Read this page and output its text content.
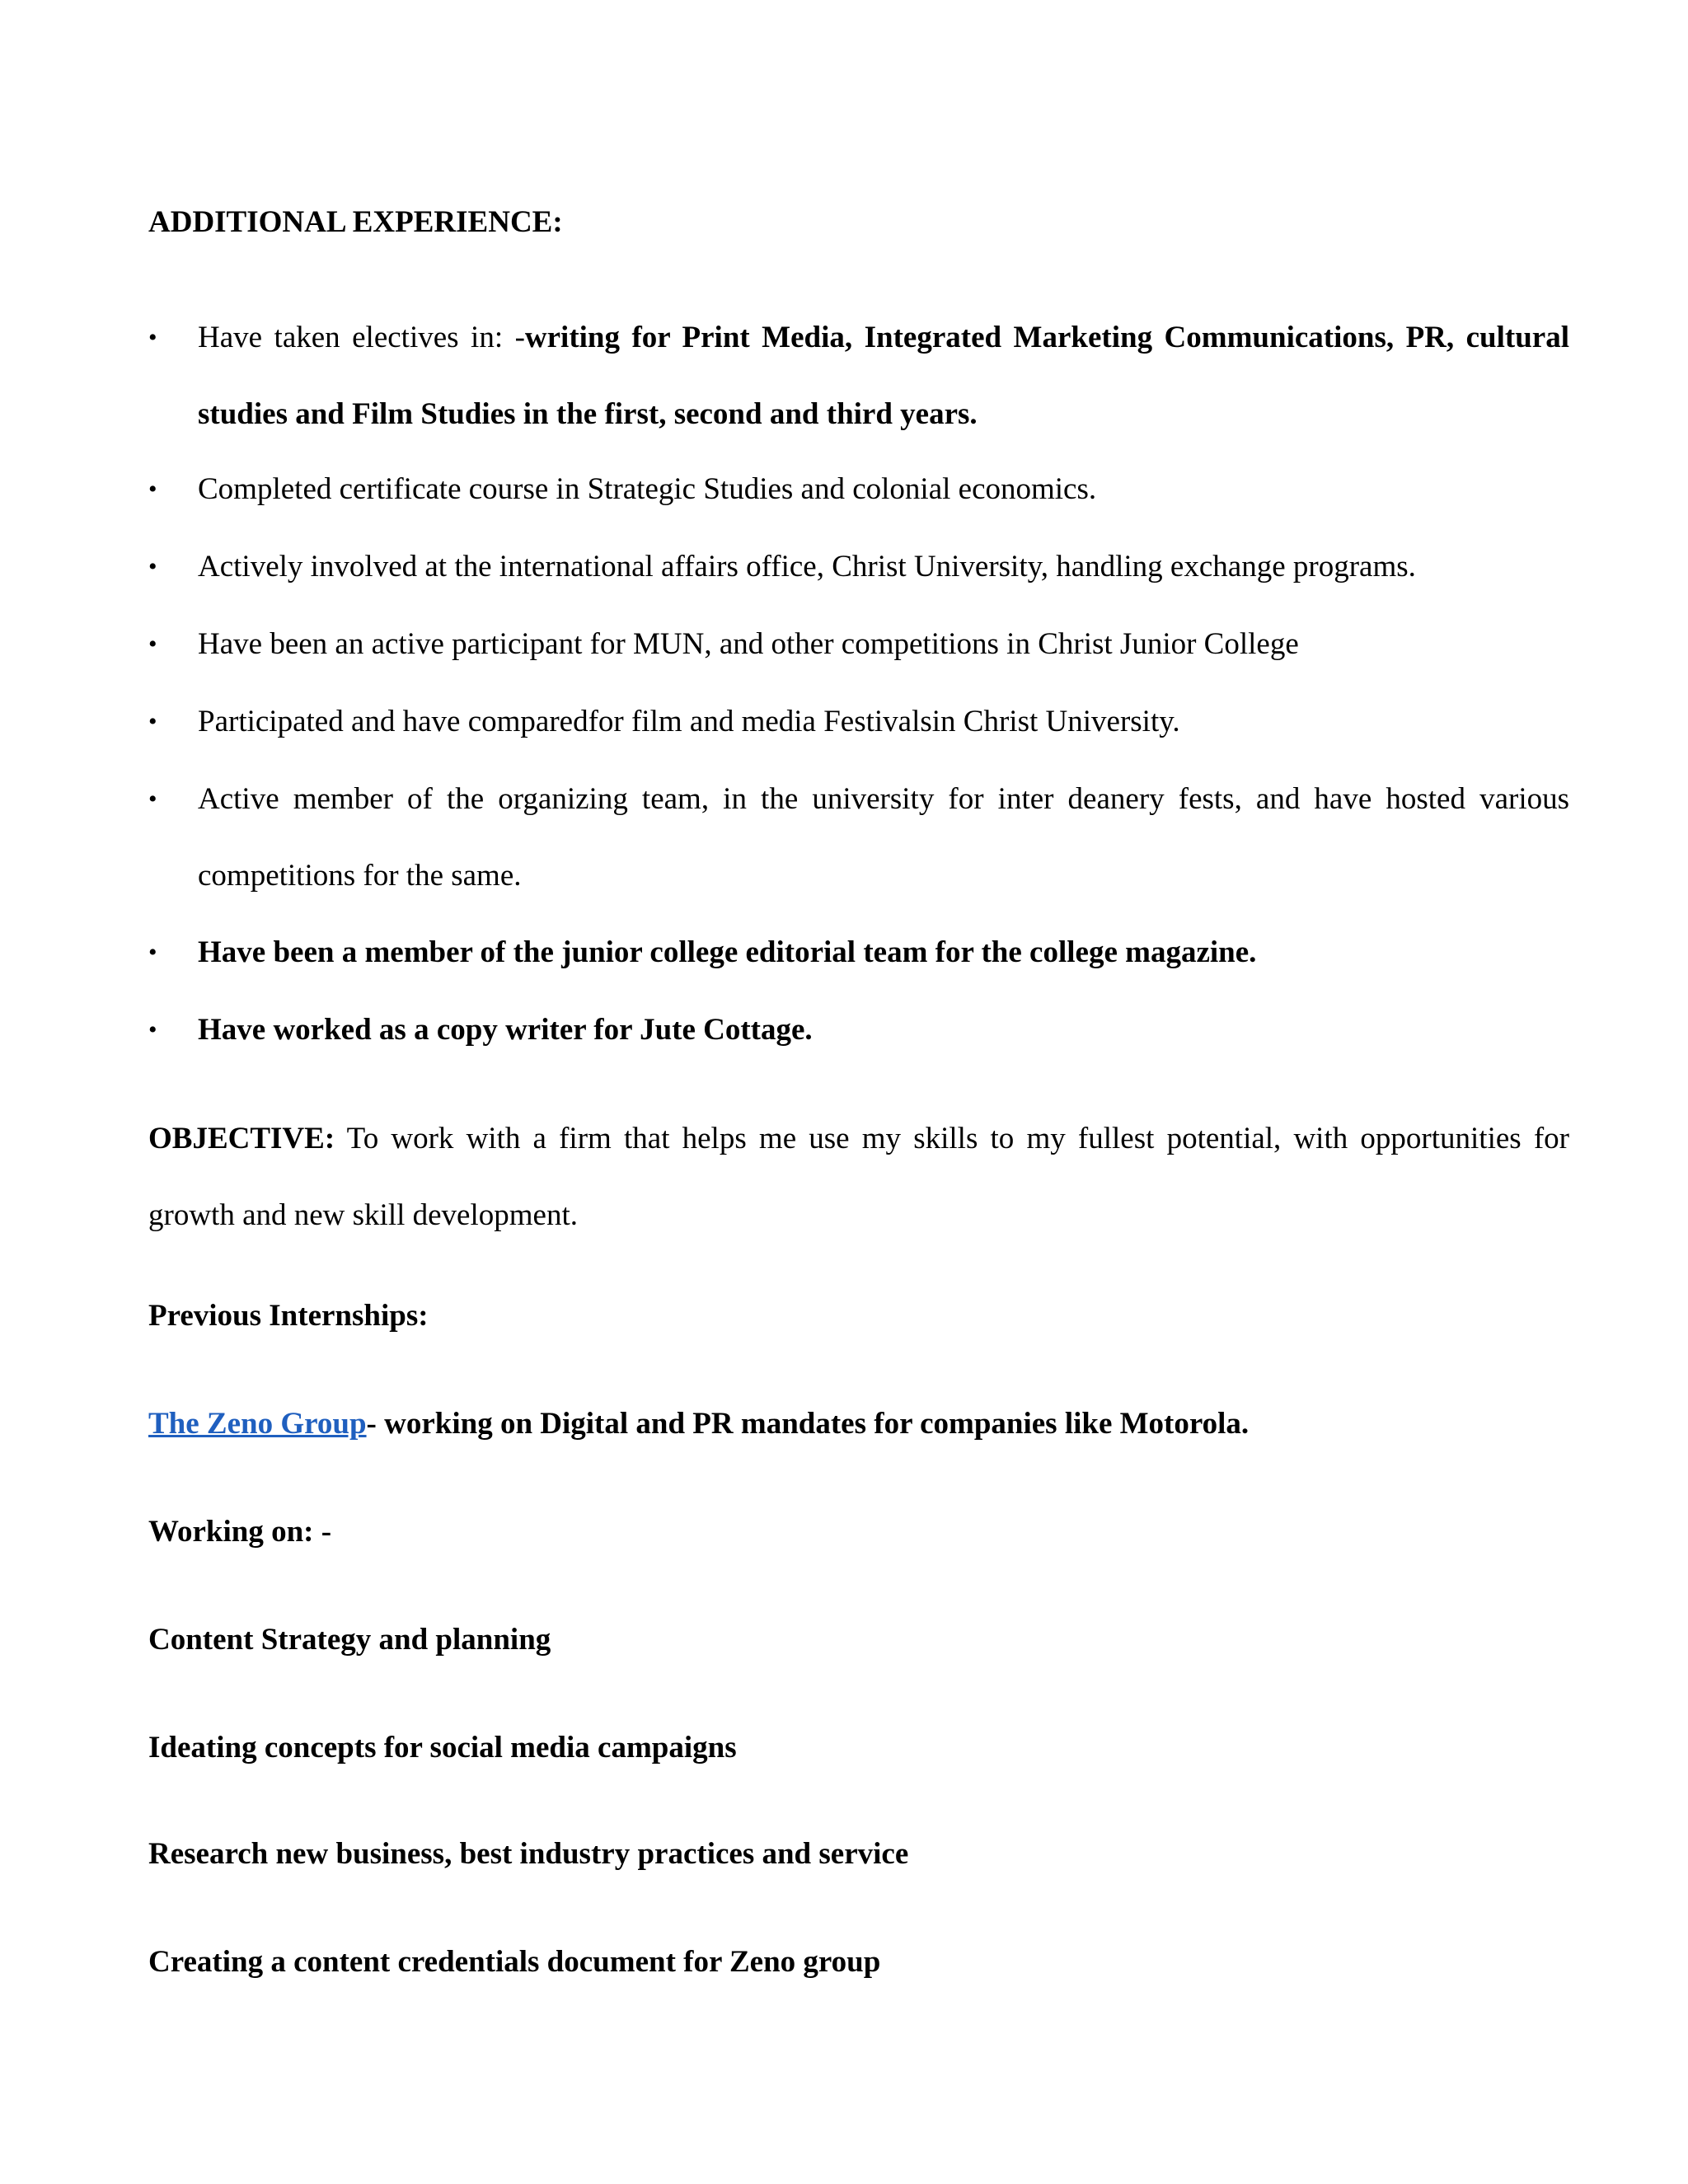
ADDITIONAL EXPERIENCE:
• Have taken electives in: -writing for Print Media, Integrated Marketing Communications, PR, cultural studies and Film Studies in the first, second and third years.
• Completed certificate course in Strategic Studies and colonial economics.
• Actively involved at the international affairs office, Christ University, handling exchange programs.
• Have been an active participant for MUN, and other competitions in Christ Junior College
• Participated and have comparedfor film and media Festivalsin Christ University.
• Active member of the organizing team, in the university for inter deanery fests, and have hosted various competitions for the same.
• Have been a member of the junior college editorial team for the college magazine.
• Have worked as a copy writer for Jute Cottage.
OBJECTIVE: To work with a firm that helps me use my skills to my fullest potential, with opportunities for growth and new skill development.
Previous Internships:
The Zeno Group- working on Digital and PR mandates for companies like Motorola.
Working on: -
Content Strategy and planning
Ideating concepts for social media campaigns
Research new business, best industry practices and service
Creating a content credentials document for Zeno group
